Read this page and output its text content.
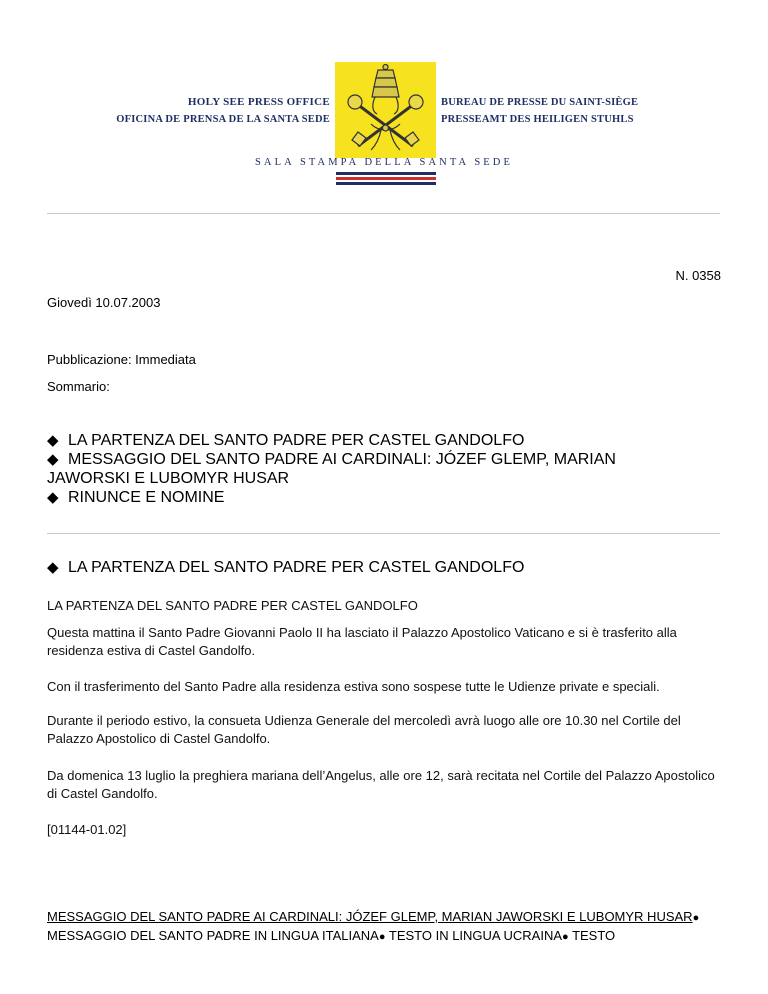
HOLY SEE PRESS OFFICE
OFICINA DE PRENSA DE LA SANTA SEDE
BUREAU DE PRESSE DU SAINT-SIÈGE
PRESSEAMT DES HEILIGEN STUHLS
SALA STAMPA DELLA SANTA SEDE
N. 0358
Giovedì 10.07.2003
Pubblicazione: Immediata
Sommario:
◆ LA PARTENZA DEL SANTO PADRE PER CASTEL GANDOLFO
◆ MESSAGGIO DEL SANTO PADRE AI CARDINALI: JÓZEF GLEMP, MARIAN
JAWORSKI E LUBOMYR HUSAR
◆ RINUNCE E NOMINE
◆ LA PARTENZA DEL SANTO PADRE PER CASTEL GANDOLFO
LA PARTENZA DEL SANTO PADRE PER CASTEL GANDOLFO
Questa mattina il Santo Padre Giovanni Paolo II ha lasciato il Palazzo Apostolico Vaticano e si è trasferito alla residenza estiva di Castel Gandolfo.
Con il trasferimento del Santo Padre alla residenza estiva sono sospese tutte le Udienze private e speciali.
Durante il periodo estivo, la consueta Udienza Generale del mercoledì avrà luogo alle ore 10.30 nel Cortile del Palazzo Apostolico di Castel Gandolfo.
Da domenica 13 luglio la preghiera mariana dell’Angelus, alle ore 12, sarà recitata nel Cortile del Palazzo Apostolico di Castel Gandolfo.
[01144-01.02]
MESSAGGIO DEL SANTO PADRE AI CARDINALI: JÓZEF GLEMP, MARIAN JAWORSKI E LUBOMYR HUSAR● MESSAGGIO DEL SANTO PADRE IN LINGUA ITALIANA● TESTO IN LINGUA UCRAINA● TESTO
